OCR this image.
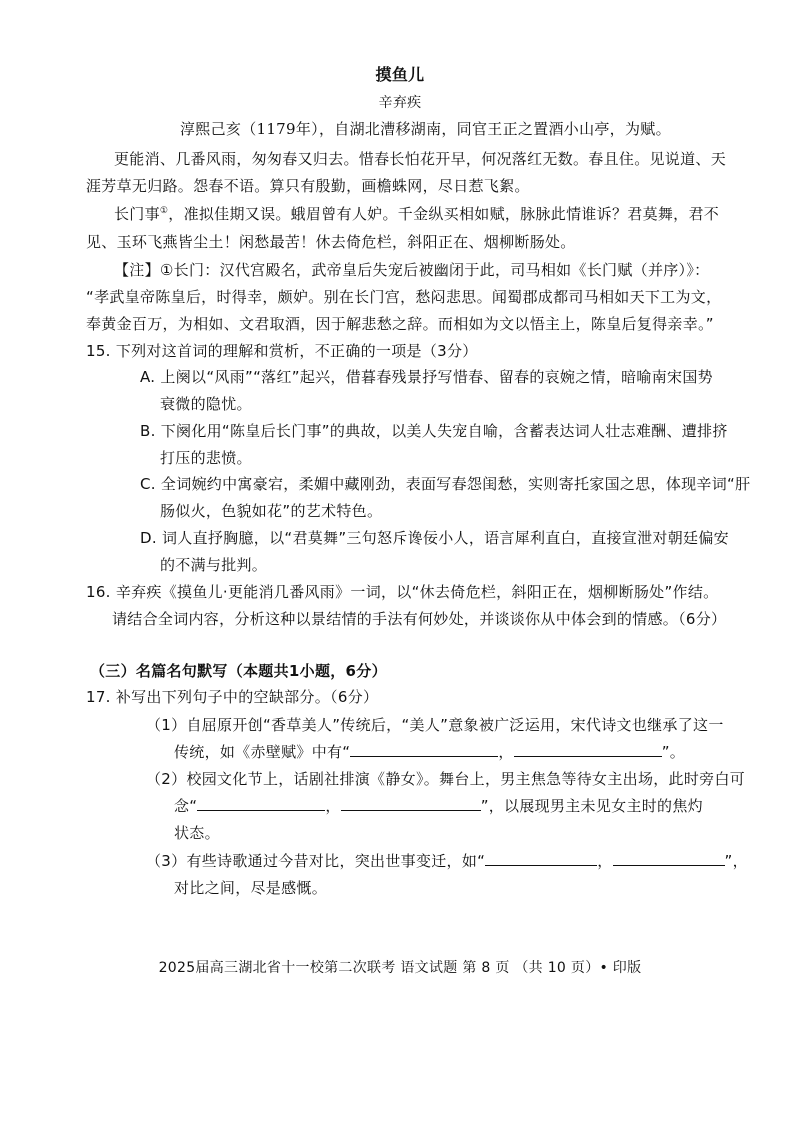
摸鱼儿
辛弃疾
淳熙己亥（1179年），自湖北漕移湖南，同官王正之置酒小山亭，为赋。
更能消、几番风雨，匆匆春又归去。惜春长怕花开早，何况落红无数。春且住。见说道、天
涯芳草无归路。怨春不语。算只有殷勤，画檐蛛网，尽日惹飞絮。
长门事①，准拟佳期又误。蛾眉曾有人妒。千金纵买相如赋，脉脉此情谁诉？君莫舞，君不
见、玉环飞燕皆尘土！闲愁最苦！休去倚危栏，斜阳正在、烟柳断肠处。
【注】①长门：汉代宫殿名，武帝皇后失宠后被幽闭于此，司马相如《长门赋（并序）》：
“孝武皇帝陈皇后，时得幸，颇妒。别在长门宫，愁闷悲思。闻蜀郡成都司马相如天下工为文，
奉黄金百万，为相如、文君取酒，因于解悲愁之辞。而相如为文以悟主上，陈皇后复得亲幸。”
15. 下列对这首词的理解和赏析，不正确的一项是（3分）
A. 上阕以“风雨”“落红”起兴，借暮春残景抒写惜春、留春的哀婉之情，暗喻南宋国势
衰微的隐忧。
B. 下阕化用“陈皇后长门事”的典故，以美人失宠自喻，含蓄表达词人壮志难酬、遭排挤
打压的悲愤。
C. 全词婉约中寓豪宕，柔媚中藏刚劲，表面写春怨闺愁，实则寄托家国之思，体现辛词“肝
肠似火，色貌如花”的艺术特色。
D. 词人直抒胸臆，以“君莫舞”三句怒斥谗佞小人，语言犀利直白，直接宣泄对朝廷偏安
的不满与批判。
16. 辛弃疾《摸鱼儿·更能消几番风雨》一词，以“休去倚危栏，斜阳正在，烟柳断肠处”作结。
请结合全词内容，分析这种以景结情的手法有何妙处，并谈谈你从中体会到的情感。（6分）
（三）名篇名句默写（本题共1小题，6分）
17. 补写出下列句子中的空缺部分。（6分）
（1）自屈原开创“香草美人”传统后，“美人”意象被广泛运用，宋代诗文也继承了这一
传统，如《赤壁赋》中有“	，	”。
（2）校园文化节上，话剧社排演《静女》。舞台上，男主焦急等待女主出场，此时旁白可
念“	，	”，以展现男主未见女主时的焦灼
状态。
（3）有些诗歌通过今昔对比，突出世事变迁，如“	，	”，
对比之间，尽是感慨。
2025届高三湖北省十一校第二次联考 语文试题 第 8 页 （共 10 页）• 印版
